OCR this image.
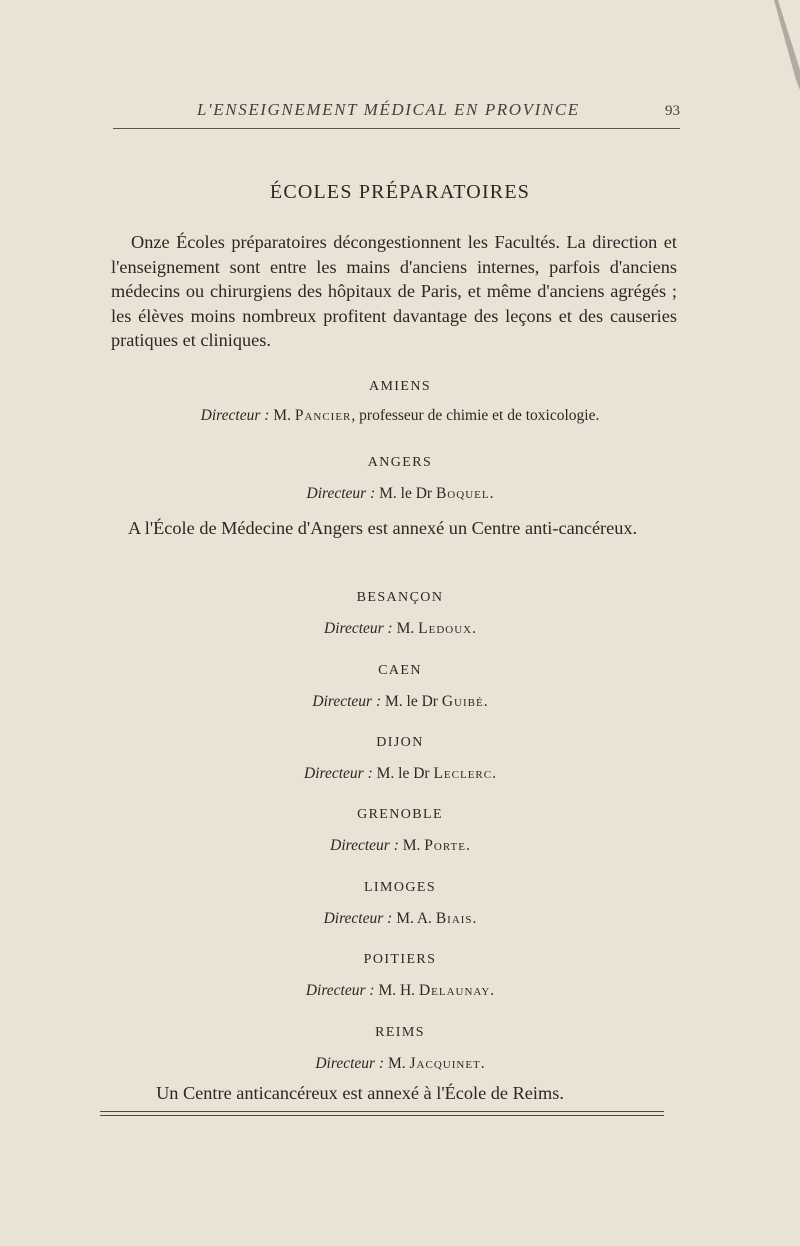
L'ENSEIGNEMENT MÉDICAL EN PROVINCE	93
ÉCOLES PRÉPARATOIRES

Onze Écoles préparatoires décongestionnent les Facultés. La direction et l'enseignement sont entre les mains d'anciens internes, parfois d'anciens médecins ou chirurgiens des hôpitaux de Paris, et même d'anciens agrégés ; les élèves moins nombreux profitent davantage des leçons et des causeries pratiques et cliniques.

AMIENS
Directeur : M. Pancier, professeur de chimie et de toxicologie.
ANGERS
Directeur : M. le Dr Boquel.

A l'École de Médecine d'Angers est annexé un Centre anti-cancéreux.

BESANÇON
Directeur : M. Ledoux.
CAEN
Directeur : M. le Dr Guibé.
DIJON
Directeur : M. le Dr Leclerc.
GRENOBLE
Directeur : M. Porte.
LIMOGES
Directeur : M. A. Biais.
POITIERS
Directeur : M. H. Delaunay.
REIMS
Directeur : M. Jacquinet.
Un Centre anticancéreux est annexé à l'École de Reims.
